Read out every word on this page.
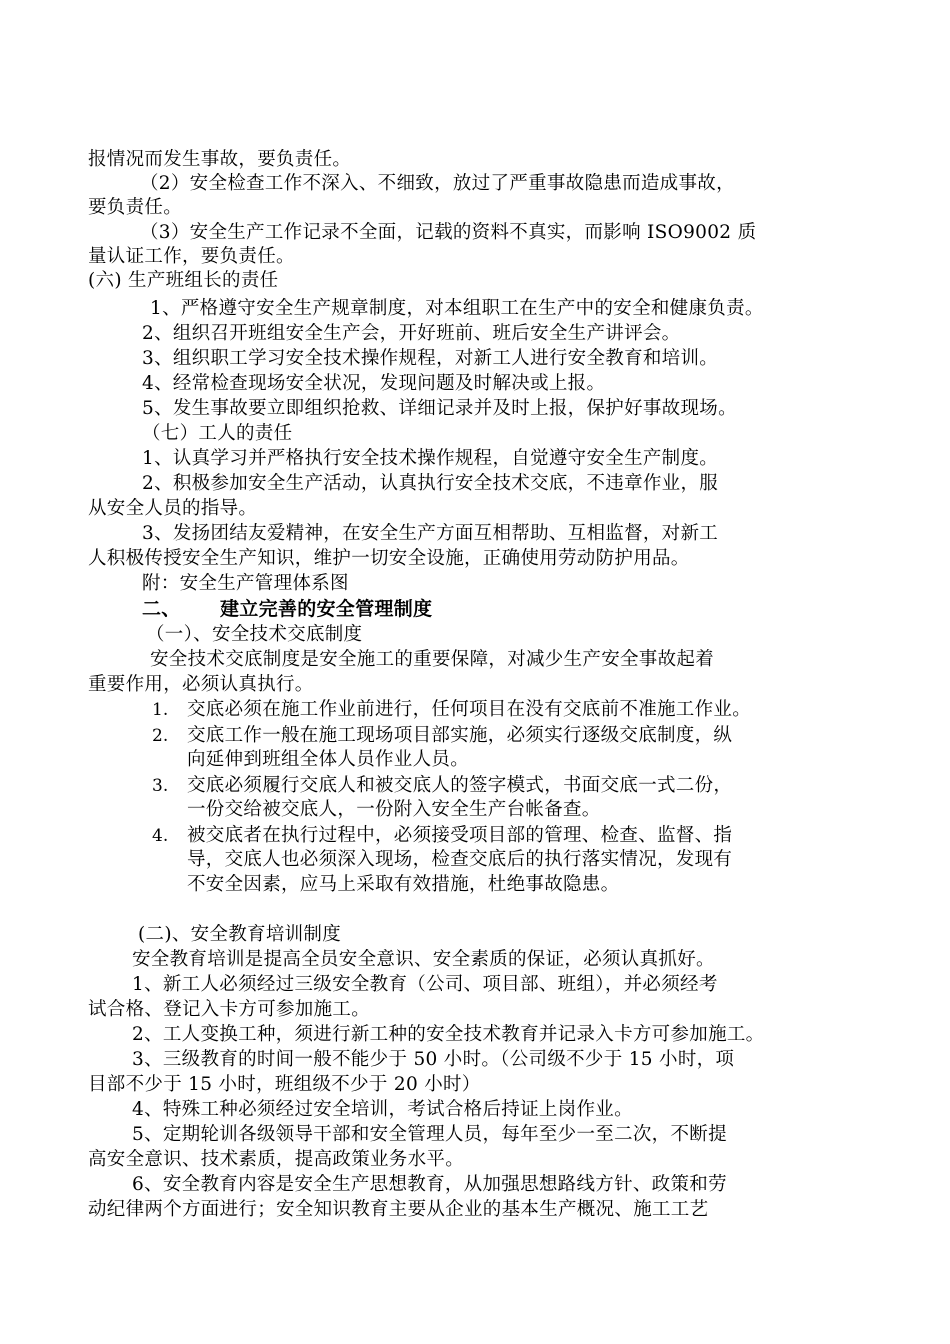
报情况而发生事故，要负责任。

（2）安全检查工作不深入、不细致，放过了严重事故隐患而造成事故，

要负责任。

（3）安全生产工作记录不全面，记载的资料不真实，而影响 ISO9002 质

量认证工作，要负责任。

(六) 生产班组长的责任

1、严格遵守安全生产规章制度，对本组职工在生产中的安全和健康负责。

2、组织召开班组安全生产会，开好班前、班后安全生产讲评会。

3、组织职工学习安全技术操作规程，对新工人进行安全教育和培训。

4、经常检查现场安全状况，发现问题及时解决或上报。

5、发生事故要立即组织抢救、详细记录并及时上报，保护好事故现场。

（七）工人的责任

1、认真学习并严格执行安全技术操作规程，自觉遵守安全生产制度。

2、积极参加安全生产活动，认真执行安全技术交底，不违章作业，服

从安全人员的指导。

3、发扬团结友爱精神，在安全生产方面互相帮助、互相监督，对新工

人积极传授安全生产知识，维护一切安全设施，正确使用劳动防护用品。

附：安全生产管理体系图

二、 建立完善的安全管理制度

（一）、安全技术交底制度

安全技术交底制度是安全施工的重要保障，对减少生产安全事故起着

重要作用，必须认真执行。

1. 交底必须在施工作业前进行，任何项目在没有交底前不准施工作业。

2. 交底工作一般在施工现场项目部实施，必须实行逐级交底制度，纵

向延伸到班组全体人员作业人员。

3. 交底必须履行交底人和被交底人的签字模式，书面交底一式二份，

一份交给被交底人，一份附入安全生产台帐备查。

4. 被交底者在执行过程中，必须接受项目部的管理、检查、监督、指

导，交底人也必须深入现场，检查交底后的执行落实情况，发现有

不安全因素，应马上采取有效措施，杜绝事故隐患。

(二)、安全教育培训制度

安全教育培训是提高全员安全意识、安全素质的保证，必须认真抓好。

1、新工人必须经过三级安全教育（公司、项目部、班组），并必须经考

试合格、登记入卡方可参加施工。

2、工人变换工种，须进行新工种的安全技术教育并记录入卡方可参加施工。

3、三级教育的时间一般不能少于 50 小时。（公司级不少于 15 小时，项

目部不少于 15 小时，班组级不少于 20 小时）

4、特殊工种必须经过安全培训，考试合格后持证上岗作业。

5、定期轮训各级领导干部和安全管理人员，每年至少一至二次，不断提

高安全意识、技术素质，提高政策业务水平。

6、安全教育内容是安全生产思想教育，从加强思想路线方针、政策和劳

动纪律两个方面进行；安全知识教育主要从企业的基本生产概况、施工工艺
